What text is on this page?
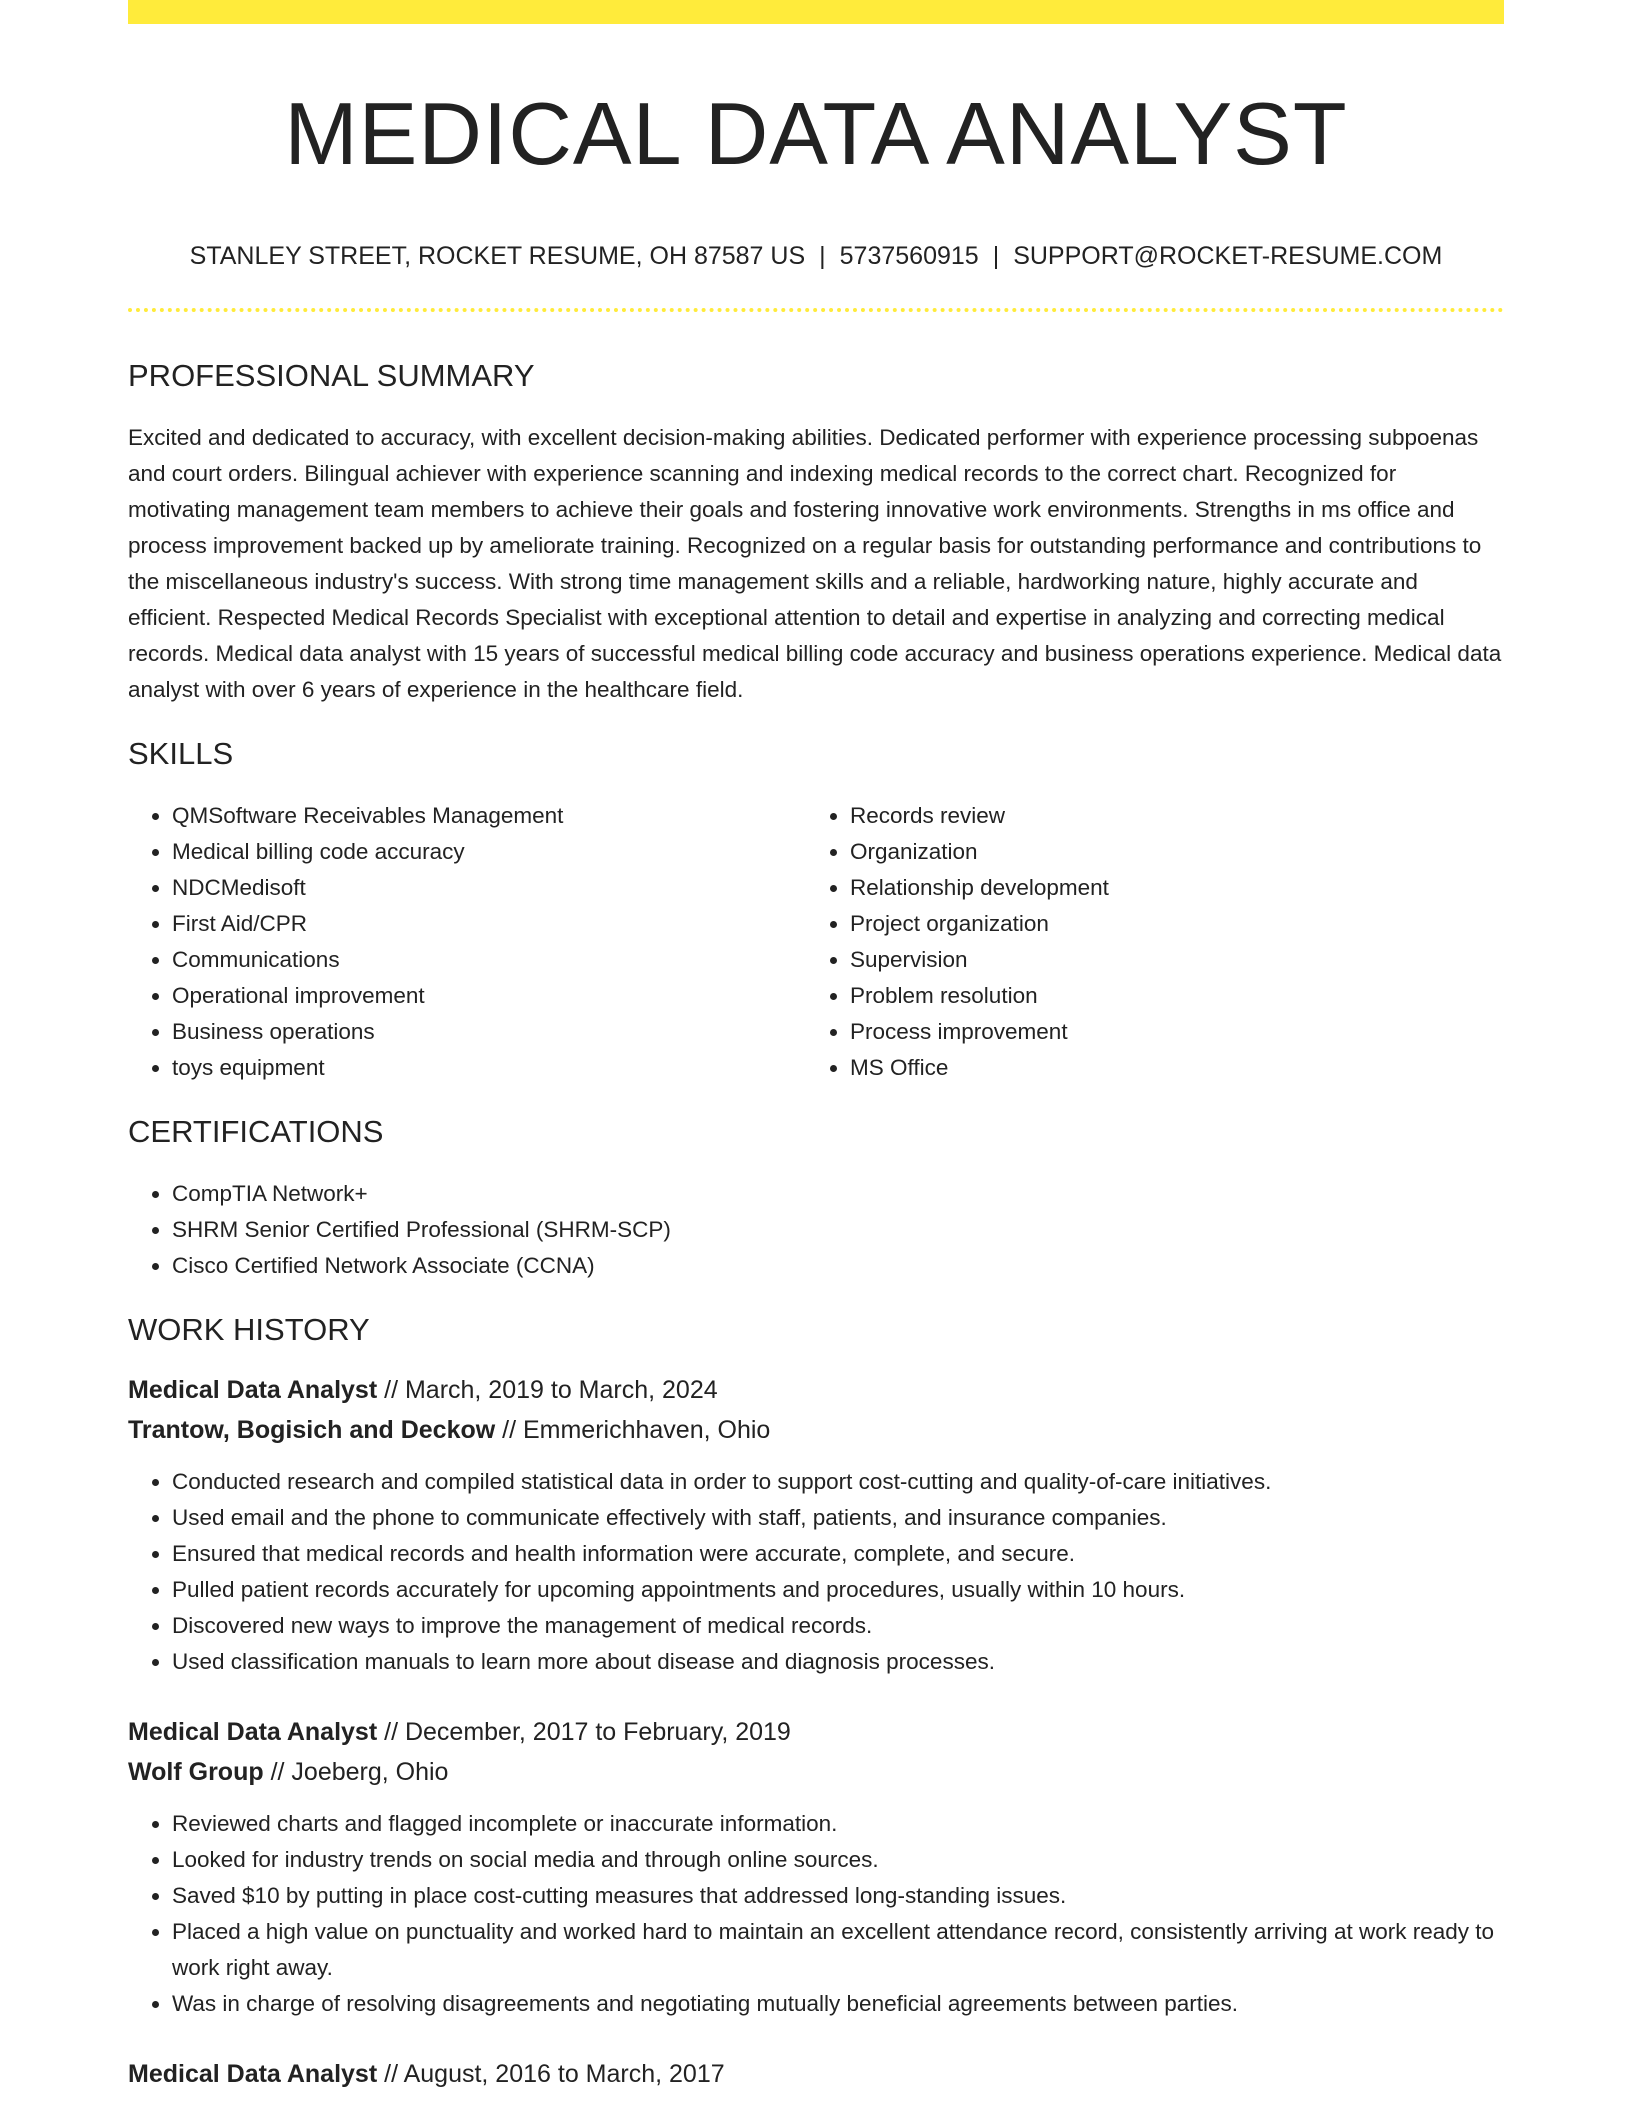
MEDICAL DATA ANALYST
STANLEY STREET, ROCKET RESUME, OH 87587 US | 5737560915 | SUPPORT@ROCKET-RESUME.COM
PROFESSIONAL SUMMARY
Excited and dedicated to accuracy, with excellent decision-making abilities. Dedicated performer with experience processing subpoenas and court orders. Bilingual achiever with experience scanning and indexing medical records to the correct chart. Recognized for motivating management team members to achieve their goals and fostering innovative work environments. Strengths in ms office and process improvement backed up by ameliorate training. Recognized on a regular basis for outstanding performance and contributions to the miscellaneous industry's success. With strong time management skills and a reliable, hardworking nature, highly accurate and efficient. Respected Medical Records Specialist with exceptional attention to detail and expertise in analyzing and correcting medical records. Medical data analyst with 15 years of successful medical billing code accuracy and business operations experience. Medical data analyst with over 6 years of experience in the healthcare field.
SKILLS
• QMSoftware Receivables Management
• Medical billing code accuracy
• NDCMedisoft
• First Aid/CPR
• Communications
• Operational improvement
• Business operations
• toys equipment
• Records review
• Organization
• Relationship development
• Project organization
• Supervision
• Problem resolution
• Process improvement
• MS Office
CERTIFICATIONS
• CompTIA Network+
• SHRM Senior Certified Professional (SHRM-SCP)
• Cisco Certified Network Associate (CCNA)
WORK HISTORY
Medical Data Analyst // March, 2019 to March, 2024
Trantow, Bogisich and Deckow // Emmerichhaven, Ohio
• Conducted research and compiled statistical data in order to support cost-cutting and quality-of-care initiatives.
• Used email and the phone to communicate effectively with staff, patients, and insurance companies.
• Ensured that medical records and health information were accurate, complete, and secure.
• Pulled patient records accurately for upcoming appointments and procedures, usually within 10 hours.
• Discovered new ways to improve the management of medical records.
• Used classification manuals to learn more about disease and diagnosis processes.
Medical Data Analyst // December, 2017 to February, 2019
Wolf Group // Joeberg, Ohio
• Reviewed charts and flagged incomplete or inaccurate information.
• Looked for industry trends on social media and through online sources.
• Saved $10 by putting in place cost-cutting measures that addressed long-standing issues.
• Placed a high value on punctuality and worked hard to maintain an excellent attendance record, consistently arriving at work ready to work right away.
• Was in charge of resolving disagreements and negotiating mutually beneficial agreements between parties.
Medical Data Analyst // August, 2016 to March, 2017
